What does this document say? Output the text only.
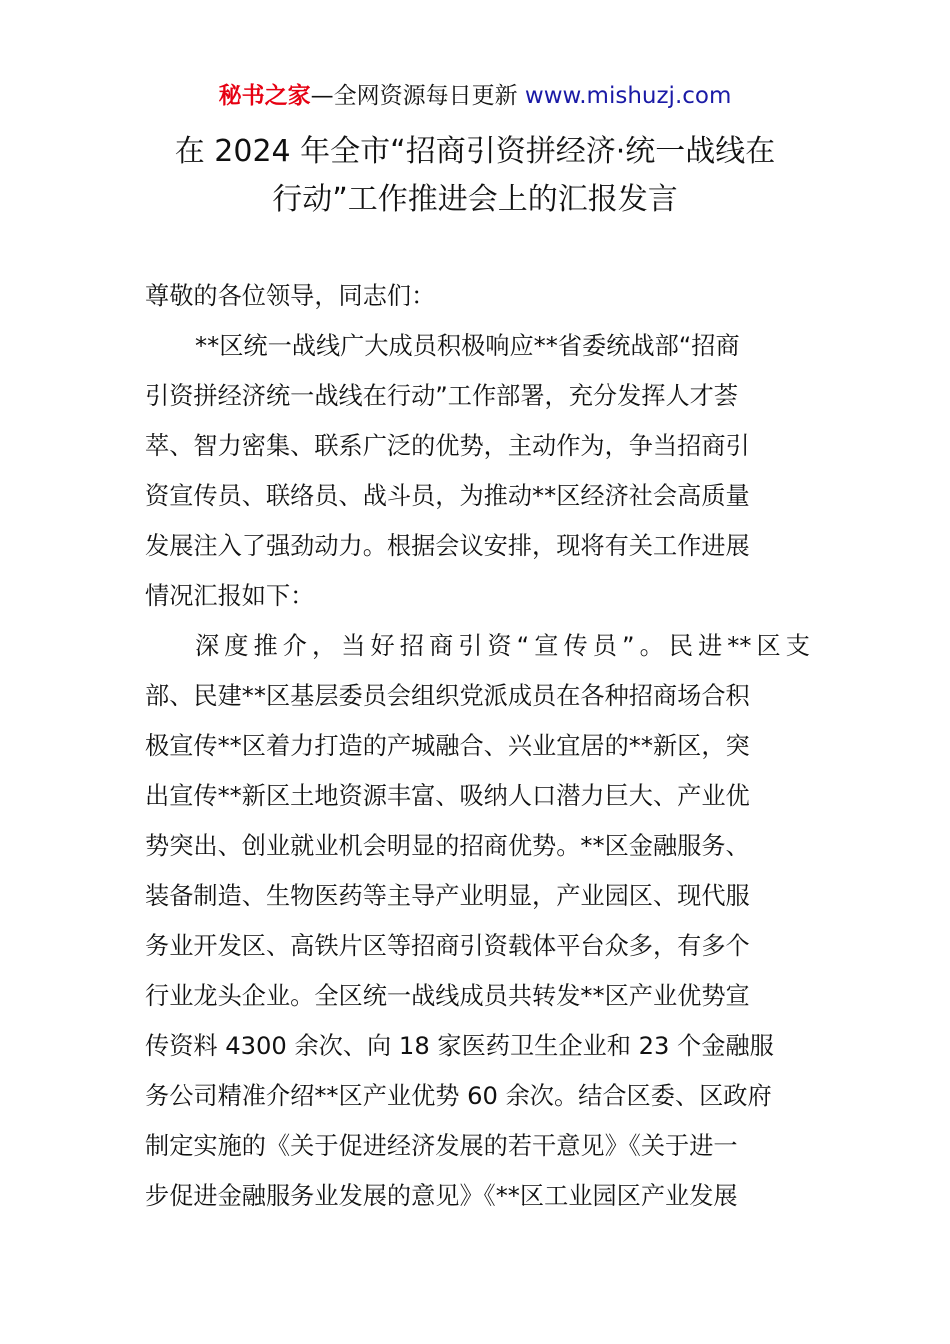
秘书之家—全网资源每日更新 www.mishuzj.com
在 2024 年全市“招商引资拼经济·统一战线在
行动”工作推进会上的汇报发言
尊敬的各位领导，同志们：
**区统一战线广大成员积极响应**省委统战部“招商
引资拼经济统一战线在行动”工作部署，充分发挥人才荟
萃、智力密集、联系广泛的优势，主动作为，争当招商引
资宣传员、联络员、战斗员，为推动**区经济社会高质量
发展注入了强劲动力。根据会议安排，现将有关工作进展
情况汇报如下：
深度推介，当好招商引资“宣传员”。民进**区支
部、民建**区基层委员会组织党派成员在各种招商场合积
极宣传**区着力打造的产城融合、兴业宜居的**新区，突
出宣传**新区土地资源丰富、吸纳人口潜力巨大、产业优
势突出、创业就业机会明显的招商优势。**区金融服务、
装备制造、生物医药等主导产业明显，产业园区、现代服
务业开发区、高铁片区等招商引资载体平台众多，有多个
行业龙头企业。全区统一战线成员共转发**区产业优势宣
传资料 4300 余次、向 18 家医药卫生企业和 23 个金融服
务公司精准介绍**区产业优势 60 余次。结合区委、区政府
制定实施的《关于促进经济发展的若干意见》《关于进一
步促进金融服务业发展的意见》《**区工业园区产业发展
